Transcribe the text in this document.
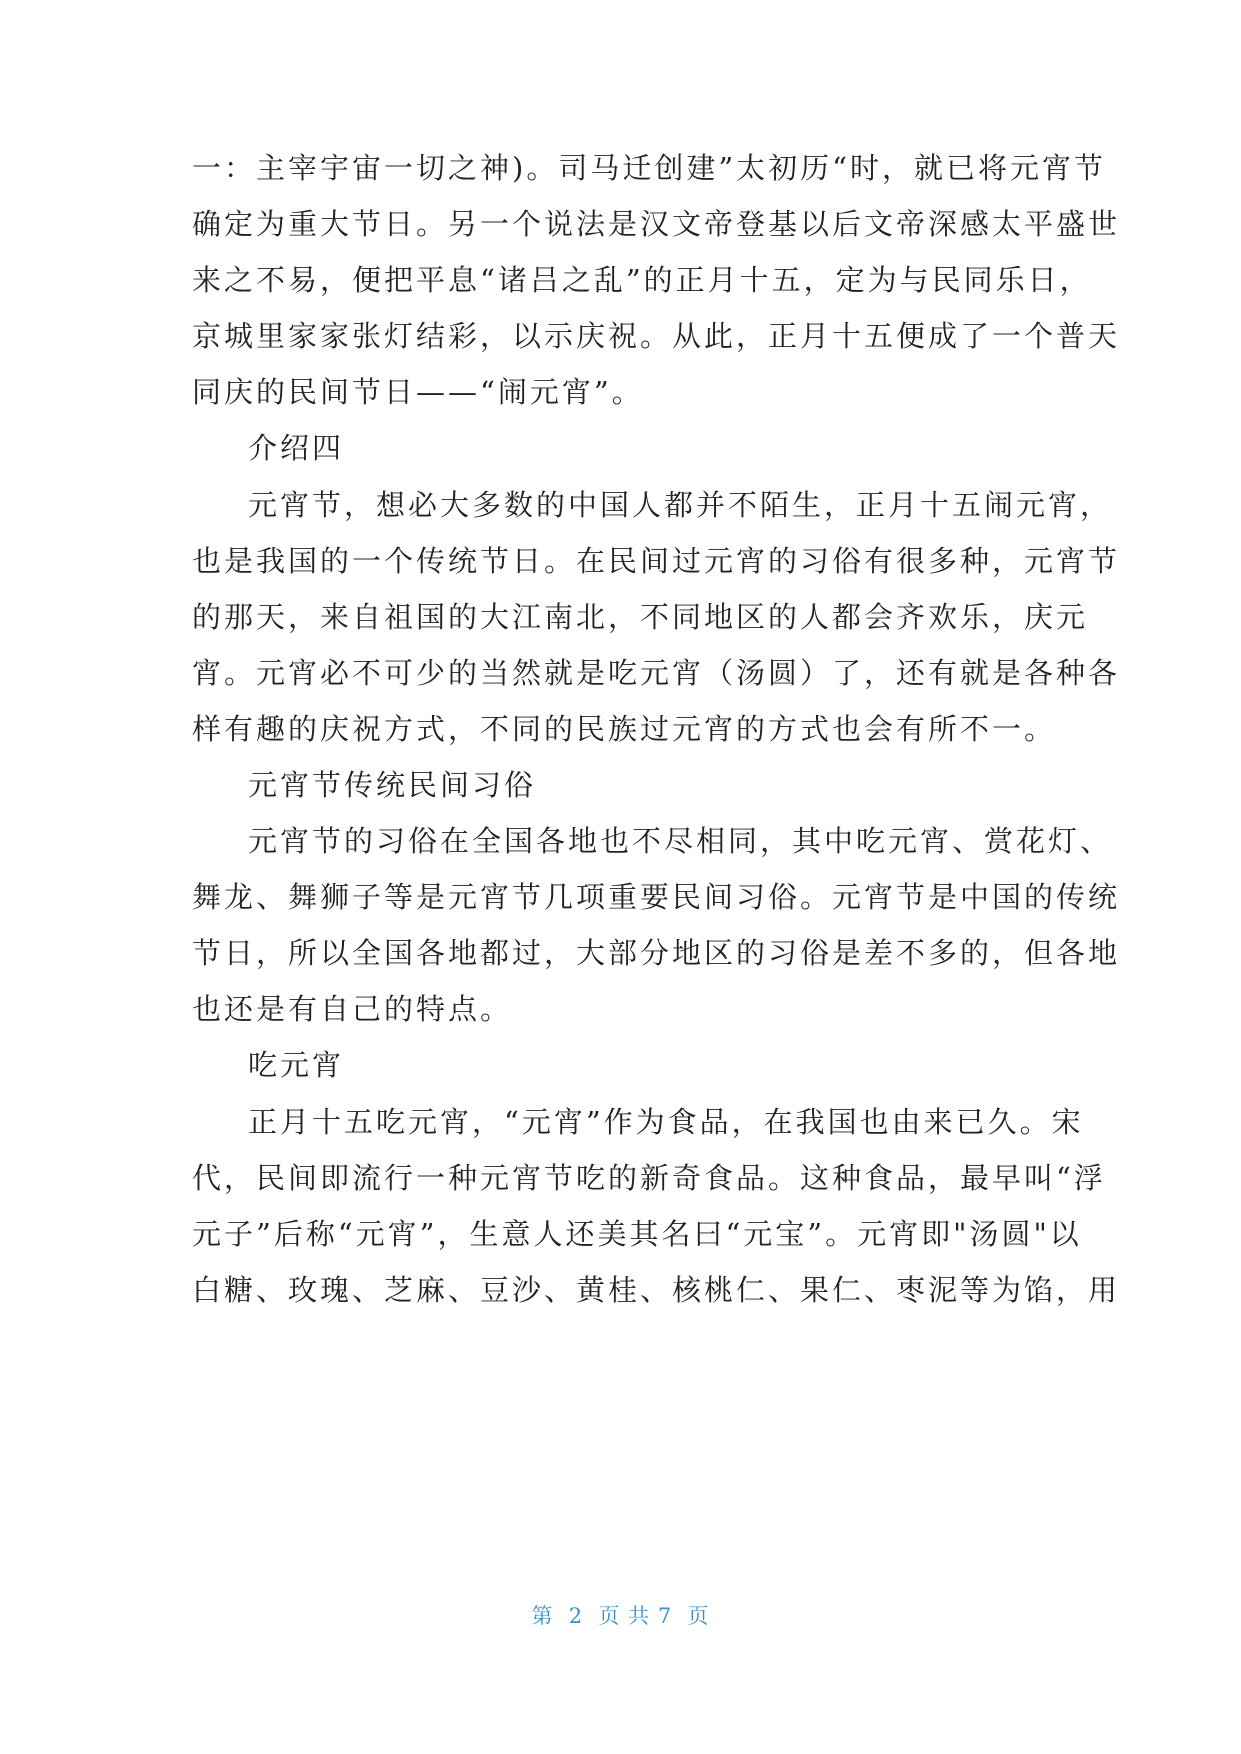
一：主宰宇宙一切之神)。司马迁创建”太初历“时，就已将元宵节
确定为重大节日。另一个说法是汉文帝登基以后文帝深感太平盛世
来之不易，便把平息“诸吕之乱”的正月十五，定为与民同乐日，
京城里家家张灯结彩，以示庆祝。从此，正月十五便成了一个普天
同庆的民间节日——“闹元宵”。
介绍四
元宵节，想必大多数的中国人都并不陌生，正月十五闹元宵，
也是我国的一个传统节日。在民间过元宵的习俗有很多种，元宵节
的那天，来自祖国的大江南北，不同地区的人都会齐欢乐，庆元
宵。元宵必不可少的当然就是吃元宵（汤圆）了，还有就是各种各
样有趣的庆祝方式，不同的民族过元宵的方式也会有所不一。
元宵节传统民间习俗
元宵节的习俗在全国各地也不尽相同，其中吃元宵、赏花灯、
舞龙、舞狮子等是元宵节几项重要民间习俗。元宵节是中国的传统
节日，所以全国各地都过，大部分地区的习俗是差不多的，但各地
也还是有自己的特点。
吃元宵
正月十五吃元宵，“元宵”作为食品，在我国也由来已久。宋
代，民间即流行一种元宵节吃的新奇食品。这种食品，最早叫“浮
元子”后称“元宵”，生意人还美其名曰“元宝”。元宵即"汤圆"以
白糖、玫瑰、芝麻、豆沙、黄桂、核桃仁、果仁、枣泥等为馅，用
第  2  页 共 7  页
